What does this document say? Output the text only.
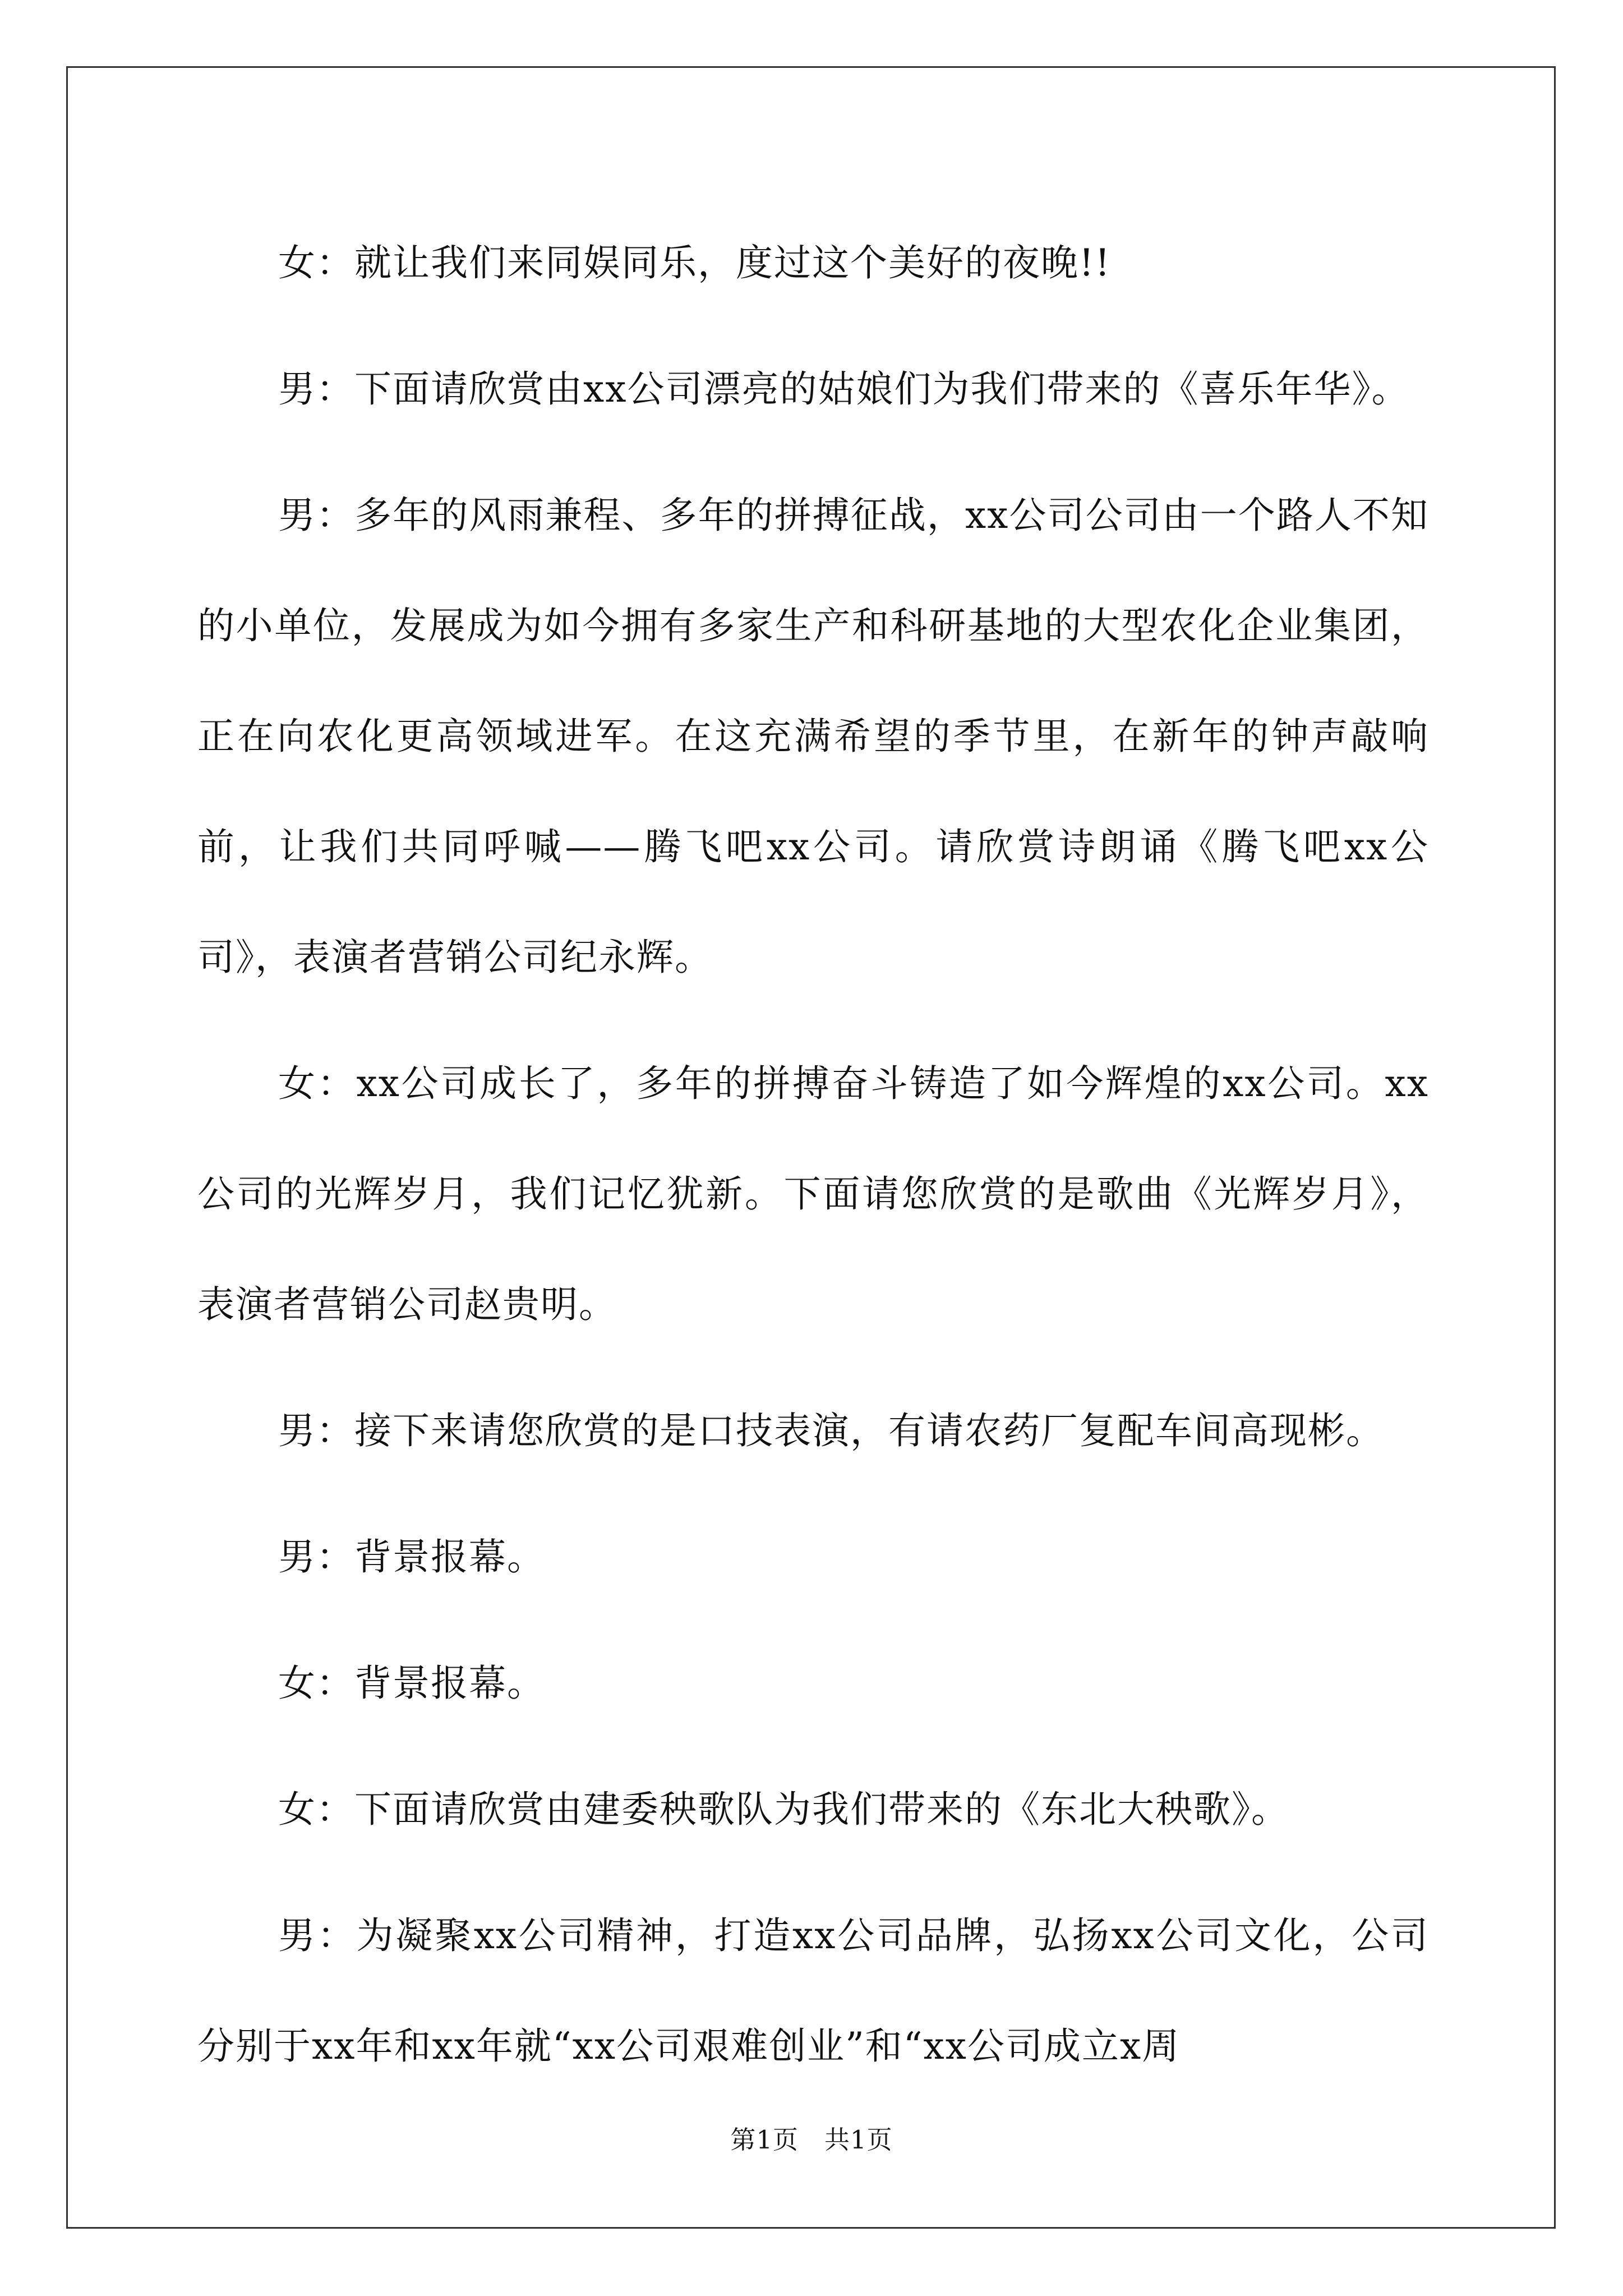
女：就让我们来同娱同乐，度过这个美好的夜晚!!

男：下面请欣赏由xx公司漂亮的姑娘们为我们带来的《喜乐年华》。

男：多年的风雨兼程、多年的拼搏征战，xx公司公司由一个路人不知的小单位，发展成为如今拥有多家生产和科研基地的大型农化企业集团，正在向农化更高领域进军。在这充满希望的季节里，在新年的钟声敲响前，让我们共同呼喊——腾飞吧xx公司。请欣赏诗朗诵《腾飞吧xx公司》，表演者营销公司纪永辉。

女：xx公司成长了，多年的拼搏奋斗铸造了如今辉煌的xx公司。xx公司的光辉岁月，我们记忆犹新。下面请您欣赏的是歌曲《光辉岁月》，表演者营销公司赵贵明。

男：接下来请您欣赏的是口技表演，有请农药厂复配车间高现彬。

男：背景报幕。

女：背景报幕。

女：下面请欣赏由建委秧歌队为我们带来的《东北大秧歌》。

男：为凝聚xx公司精神，打造xx公司品牌，弘扬xx公司文化，公司分别于xx年和xx年就“xx公司艰难创业”和“xx公司成立x周

第1页　共1页
